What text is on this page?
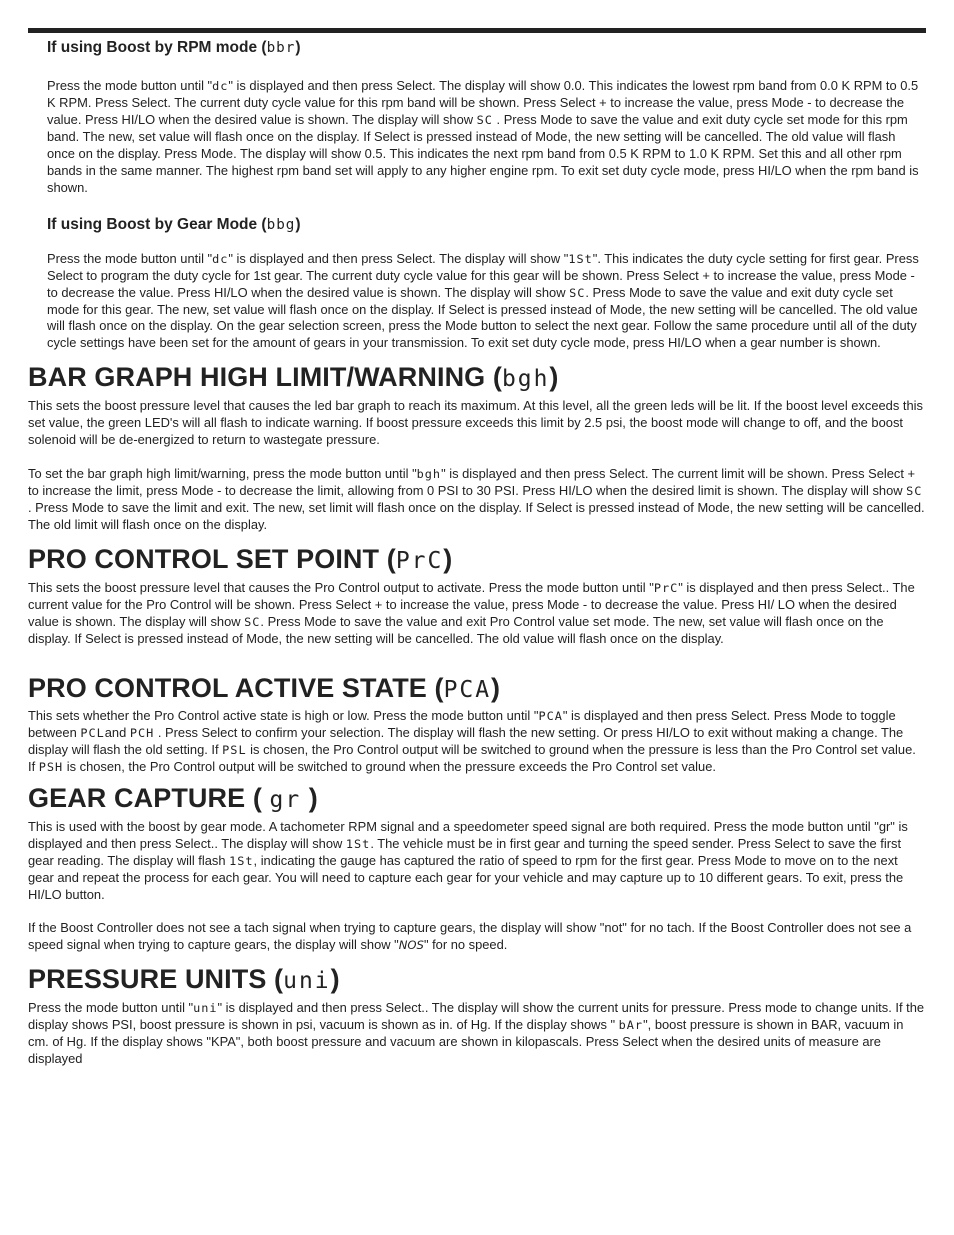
If using Boost by RPM mode (bbr)

Press the mode button until "dc" is displayed and then press Select. The display will show 0.0. This indicates the lowest rpm band from 0.0 K RPM to 0.5 K RPM. Press Select. The current duty cycle value for this rpm band will be shown. Press Select + to increase the value, press Mode - to decrease the value. Press HI/LO when the desired value is shown. The display will show SC . Press Mode to save the value and exit duty cycle set mode for this rpm band. The new, set value will flash once on the display. If Select is pressed instead of Mode, the new setting will be cancelled. The old value will flash once on the display. Press Mode. The display will show 0.5. This indicates the next rpm band from 0.5 K RPM to 1.0 K RPM. Set this and all other rpm bands in the same manner. The highest rpm band set will apply to any higher engine rpm. To exit set duty cycle mode, press HI/LO when the rpm band is shown.

If using Boost by Gear Mode (bbg)

Press the mode button until "dc" is displayed and then press Select. The display will show "1St". This indicates the duty cycle setting for first gear. Press Select to program the duty cycle for 1st gear. The current duty cycle value for this gear will be shown. Press Select + to increase the value, press Mode - to decrease the value. Press HI/LO when the desired value is shown. The display will show SC. Press Mode to save the value and exit duty cycle set mode for this gear. The new, set value will flash once on the display. If Select is pressed instead of Mode, the new setting will be cancelled. The old value will flash once on the display. On the gear selection screen, press the Mode button to select the next gear. Follow the same procedure until all of the duty cycle settings have been set for the amount of gears in your transmission. To exit set duty cycle mode, press HI/LO when a gear number is shown.

BAR GRAPH HIGH LIMIT/WARNING (bgh)

This sets the boost pressure level that causes the led bar graph to reach its maximum. At this level, all the green leds will be lit. If the boost level exceeds this set value, the green LED's will all flash to indicate warning. If boost pressure exceeds this limit by 2.5 psi, the boost mode will change to off, and the boost solenoid will be de-energized to return to wastegate pressure.

To set the bar graph high limit/warning, press the mode button until "bgh" is displayed and then press Select. The current limit will be shown. Press Select + to increase the limit, press Mode - to decrease the limit, allowing from 0 PSI to 30 PSI. Press HI/LO when the desired limit is shown. The display will show SC . Press Mode to save the limit and exit. The new, set limit will flash once on the display. If Select is pressed instead of Mode, the new setting will be cancelled. The old limit will flash once on the display.

PRO CONTROL SET POINT (PrC)

This sets the boost pressure level that causes the Pro Control output to activate. Press the mode button until "PrC" is displayed and then press Select.. The current value for the Pro Control will be shown. Press Select + to increase the value, press Mode - to decrease the value. Press HI/ LO when the desired value is shown. The display will show SC. Press Mode to save the value and exit Pro Control value set mode. The new, set value will flash once on the display. If Select is pressed instead of Mode, the new setting will be cancelled. The old value will flash once on the display.

PRO CONTROL ACTIVE STATE (PCA)

This sets whether the Pro Control active state is high or low. Press the mode button until "PCA" is displayed and then press Select. Press Mode to toggle between PCLand PCH . Press Select to confirm your selection. The display will flash the new setting. Or press HI/LO to exit without making a change. The display will flash the old setting. If PSL is chosen, the Pro Control output will be switched to ground when the pressure is less than the Pro Control set value. If PSH is chosen, the Pro Control output will be switched to ground when the pressure exceeds the Pro Control set value.

GEAR CAPTURE ( gr )

This is used with the boost by gear mode. A tachometer RPM signal and a speedometer speed signal are both required. Press the mode button until "gr" is displayed and then press Select.. The display will show 1St. The vehicle must be in first gear and turning the speed sender. Press Select to save the first gear reading. The display will flash 1St, indicating the gauge has captured the ratio of speed to rpm for the first gear. Press Mode to move on to the next gear and repeat the process for each gear. You will need to capture each gear for your vehicle and may capture up to 10 different gears. To exit, press the HI/LO button.

If the Boost Controller does not see a tach signal when trying to capture gears, the display will show "not" for no tach. If the Boost Controller does not see a speed signal when trying to capture gears, the display will show "NOS" for no speed.

PRESSURE UNITS (uni)

Press the mode button until "uni" is displayed and then press Select.. The display will show the current units for pressure. Press mode to change units. If the display shows PSI, boost pressure is shown in psi, vacuum is shown as in. of Hg. If the display shows " bAr", boost pressure is shown in BAR, vacuum in cm. of Hg. If the display shows "KPA", both boost pressure and vacuum are shown in kilopascals. Press Select when the desired units of measure are displayed
